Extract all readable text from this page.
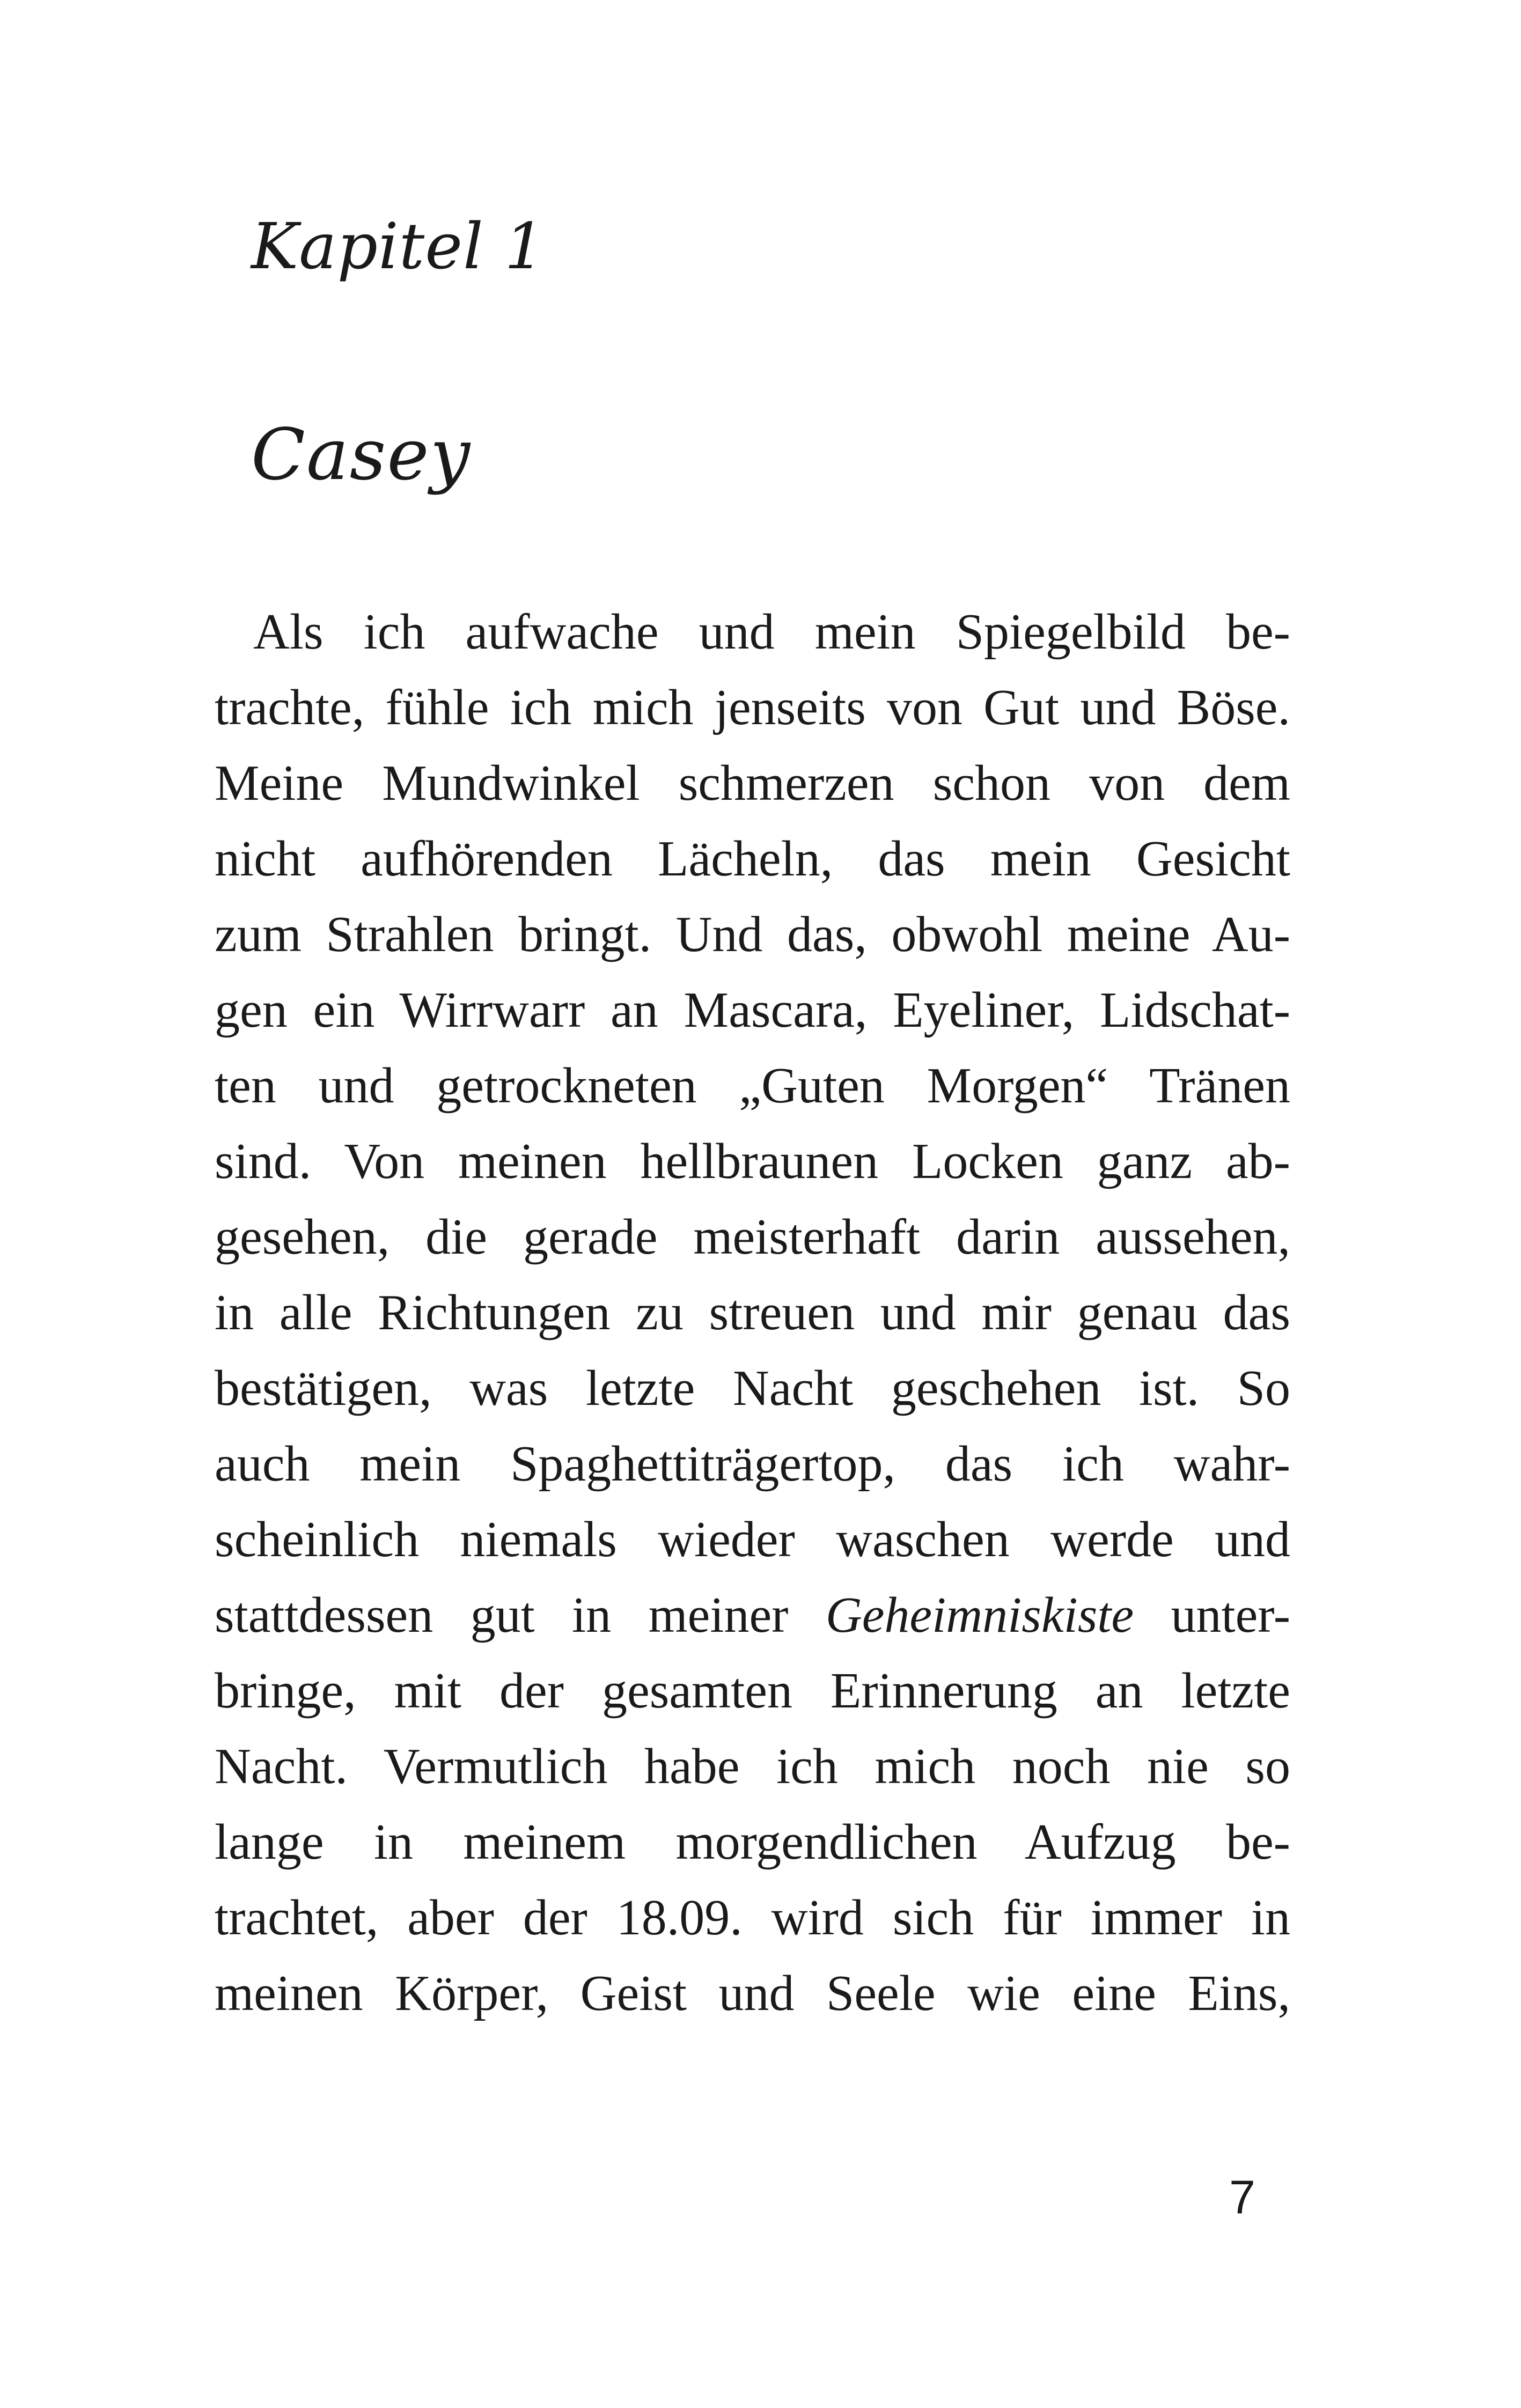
Kapitel 1
Casey
Als ich aufwache und mein Spiegelbild be-
trachte, fühle ich mich jenseits von Gut und Böse.
Meine Mundwinkel schmerzen schon von dem
nicht aufhörenden Lächeln, das mein Gesicht
zum Strahlen bringt. Und das, obwohl meine Au-
gen ein Wirrwarr an Mascara, Eyeliner, Lidschat-
ten und getrockneten „Guten Morgen“ Tränen
sind. Von meinen hellbraunen Locken ganz ab-
gesehen, die gerade meisterhaft darin aussehen,
in alle Richtungen zu streuen und mir genau das
bestätigen, was letzte Nacht geschehen ist. So
auch mein Spaghettiträgertop, das ich wahr-
scheinlich niemals wieder waschen werde und
stattdessen gut in meiner Geheimniskiste unter-
bringe, mit der gesamten Erinnerung an letzte
Nacht. Vermutlich habe ich mich noch nie so
lange in meinem morgendlichen Aufzug be-
trachtet, aber der 18.09. wird sich für immer in
meinen Körper, Geist und Seele wie eine Eins,
7
